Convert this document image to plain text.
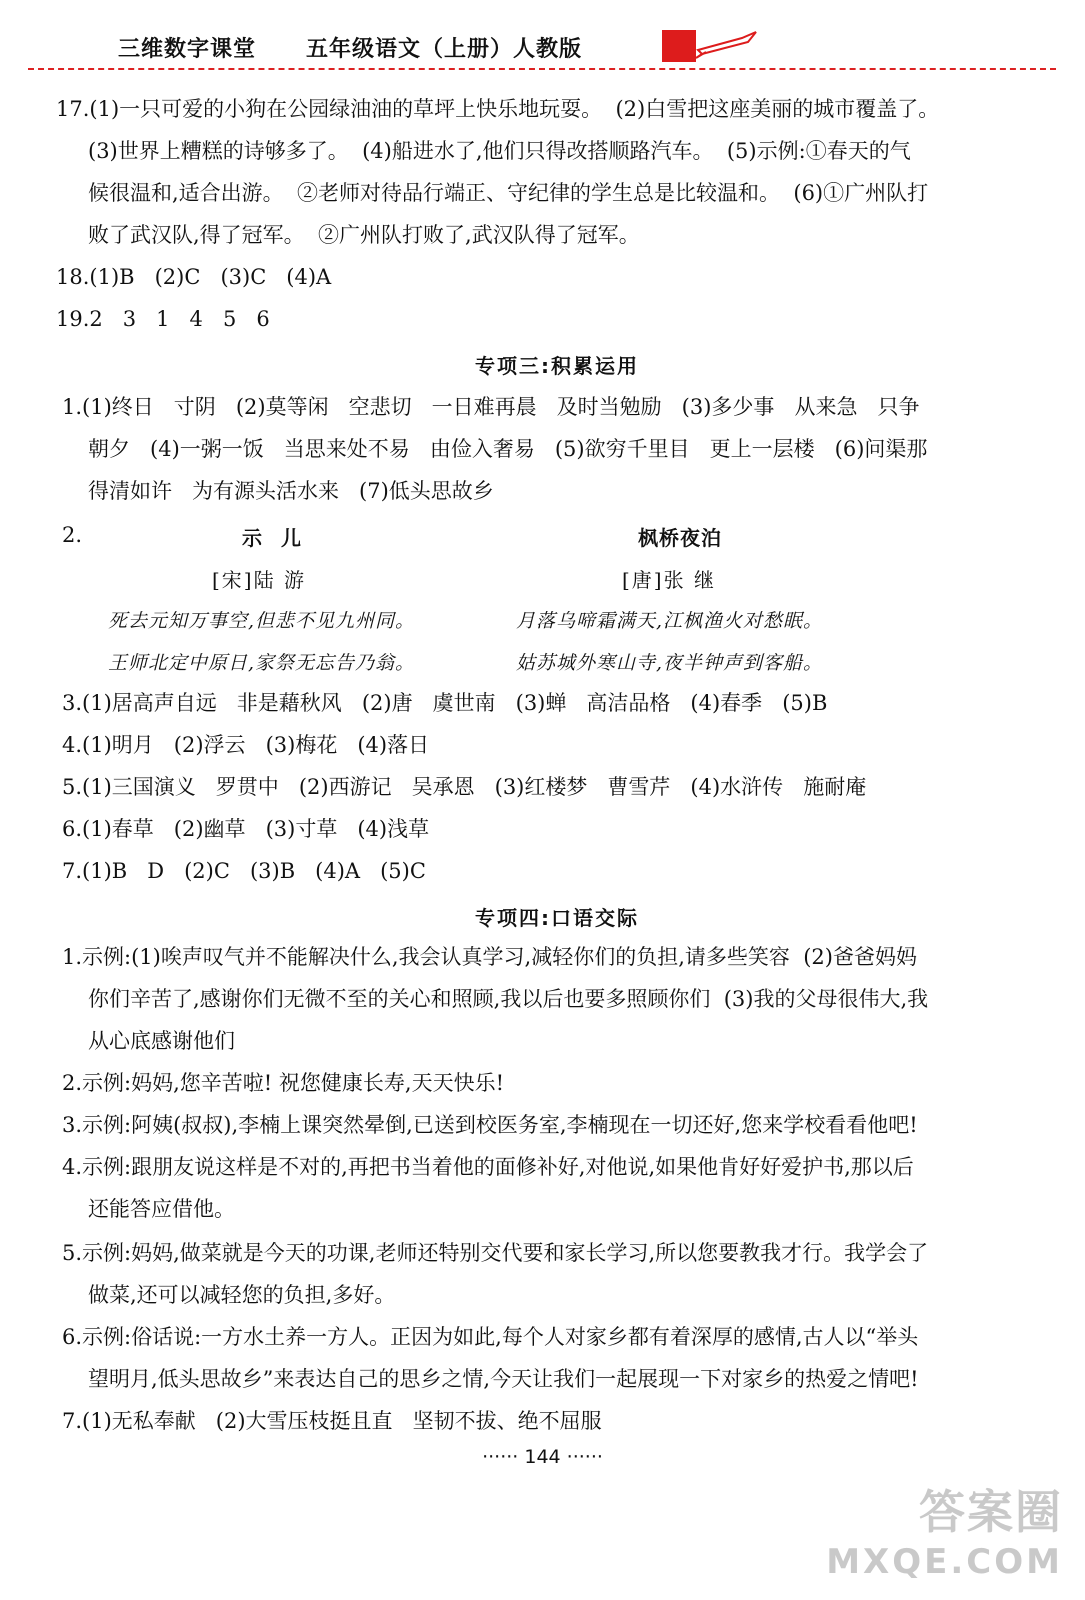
三维数字课堂 五年级语文（上册）人教版
17.(1)一只可爱的小狗在公园绿油油的草坪上快乐地玩耍。  (2)白雪把这座美丽的城市覆盖了。
(3)世界上糟糕的诗够多了。  (4)船进水了,他们只得改搭顺路汽车。  (5)示例:①春天的气
候很温和,适合出游。  ②老师对待品行端正、守纪律的学生总是比较温和。  (6)①广州队打
败了武汉队,得了冠军。  ②广州队打败了,武汉队得了冠军。
18.(1)B   (2)C   (3)C   (4)A
19.2   3   1   4   5   6
专项三:积累运用
1.(1)终日   寸阴   (2)莫等闲   空悲切   一日难再晨   及时当勉励   (3)多少事   从来急   只争
朝夕   (4)一粥一饭   当思来处不易   由俭入奢易   (5)欲穷千里目   更上一层楼   (6)问渠那
得清如许   为有源头活水来   (7)低头思故乡
2.	示 儿
[宋]陆 游
死去元知万事空,但悲不见九州同。
王师北定中原日,家祭无忘告乃翁。
枫桥夜泊
[唐]张 继
月落乌啼霜满天,江枫渔火对愁眠。
姑苏城外寒山寺,夜半钟声到客船。
3.(1)居高声自远   非是藉秋风   (2)唐   虞世南   (3)蝉   高洁品格   (4)春季   (5)B
4.(1)明月   (2)浮云   (3)梅花   (4)落日
5.(1)三国演义   罗贯中   (2)西游记   吴承恩   (3)红楼梦   曹雪芹   (4)水浒传   施耐庵
6.(1)春草   (2)幽草   (3)寸草   (4)浅草
7.(1)B   D   (2)C   (3)B   (4)A   (5)C
专项四:口语交际
1.示例:(1)唉声叹气并不能解决什么,我会认真学习,减轻你们的负担,请多些笑容  (2)爸爸妈妈
你们辛苦了,感谢你们无微不至的关心和照顾,我以后也要多照顾你们  (3)我的父母很伟大,我
从心底感谢他们
2.示例:妈妈,您辛苦啦! 祝您健康长寿,天天快乐!
3.示例:阿姨(叔叔),李楠上课突然晕倒,已送到校医务室,李楠现在一切还好,您来学校看看他吧!
4.示例:跟朋友说这样是不对的,再把书当着他的面修补好,对他说,如果他肯好好爱护书,那以后
还能答应借他。
5.示例:妈妈,做菜就是今天的功课,老师还特别交代要和家长学习,所以您要教我才行。我学会了
做菜,还可以减轻您的负担,多好。
6.示例:俗话说:一方水土养一方人。正因为如此,每个人对家乡都有着深厚的感情,古人以“举头
望明月,低头思故乡”来表达自己的思乡之情,今天让我们一起展现一下对家乡的热爱之情吧!
7.(1)无私奉献   (2)大雪压枝挺且直   坚韧不拔、绝不屈服
······ 144 ······
答案圈
MXQE.COM
